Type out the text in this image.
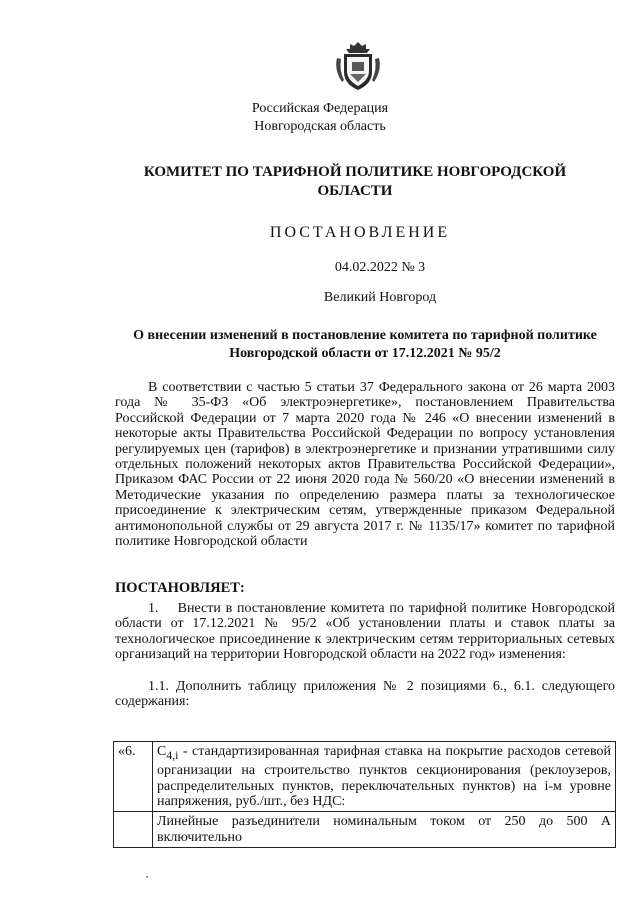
Российская Федерация
Новгородская область
КОМИТЕТ ПО ТАРИФНОЙ ПОЛИТИКЕ НОВГОРОДСКОЙ ОБЛАСТИ
ПОСТАНОВЛЕНИЕ
04.02.2022 № 3
Великий Новгород
О внесении изменений в постановление комитета по тарифной политике Новгородской области от 17.12.2021 № 95/2
В соответствии с частью 5 статьи 37 Федерального закона от 26 марта 2003 года № 35-ФЗ «Об электроэнергетике», постановлением Правительства Российской Федерации от 7 марта 2020 года № 246 «О внесении изменений в некоторые акты Правительства Российской Федерации по вопросу установления регулируемых цен (тарифов) в электроэнергетике и признании утратившими силу отдельных положений некоторых актов Правительства Российской Федерации», Приказом ФАС России от 22 июня 2020 года № 560/20 «О внесении изменений в Методические указания по определению размера платы за технологическое присоединение к электрическим сетям, утвержденные приказом Федеральной антимонопольной службы от 29 августа 2017 г. № 1135/17» комитет по тарифной политике Новгородской области
ПОСТАНОВЛЯЕТ:
1.    Внести в постановление комитета по тарифной политике Новгородской области от 17.12.2021 № 95/2 «Об установлении платы и ставок платы за технологическое присоединение к электрическим сетям территориальных сетевых организаций на территории Новгородской области на 2022 год» изменения:
1.1. Дополнить таблицу приложения № 2 позициями 6., 6.1. следующего содержания:
«6.	$С_{4,i}$ - стандартизированная тарифная ставка на покрытие расходов сетевой организации на строительство пунктов секционирования (реклоузеров, распределительных пунктов, переключательных пунктов) на i-м уровне напряжения, руб./шт., без НДС:
	Линейные разъединители номинальным током от 250 до 500 А включительно
